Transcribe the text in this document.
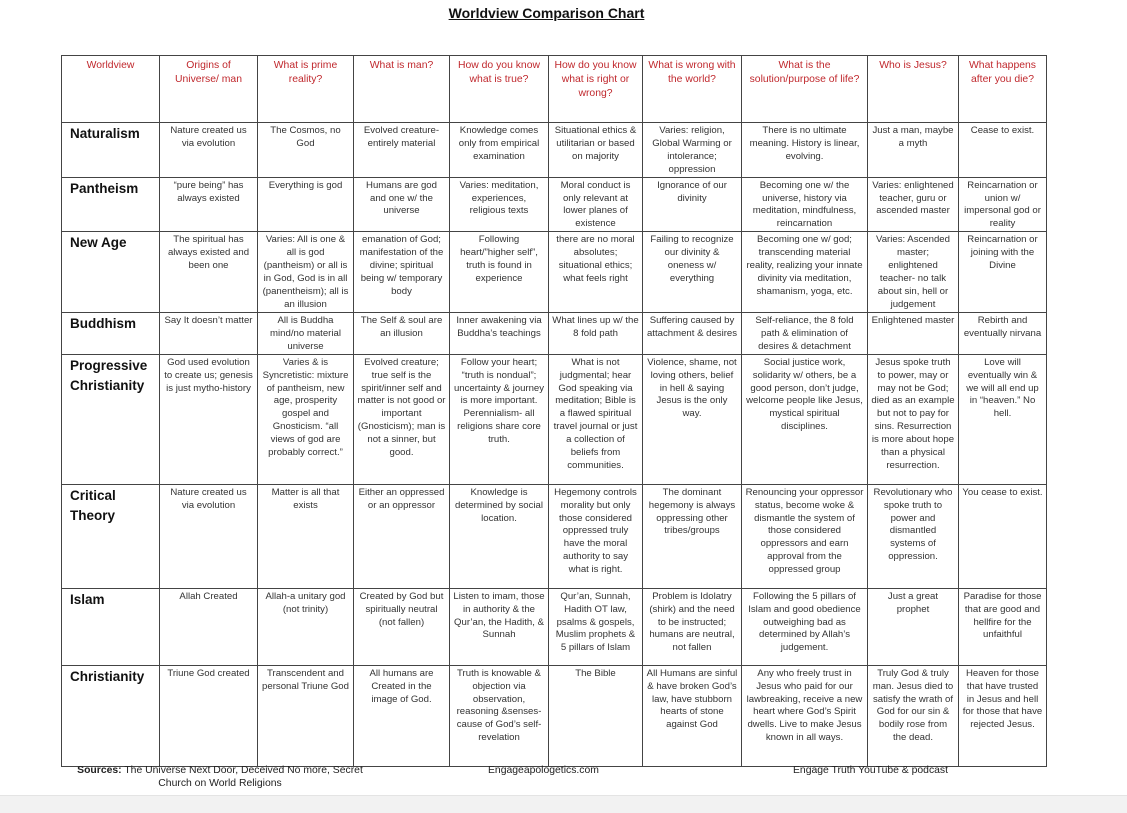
Worldview Comparison Chart
Worldview	Origins of Universe/ man	What is prime reality?	What is man?	How do you know what is true?	How do you know what is right or wrong?	What is wrong with the world?	What is the solution/purpose of life?	Who is Jesus?	What happens after you die?
Naturalism	Nature created us via evolution	The Cosmos, no God	Evolved creature-entirely material	Knowledge comes only from empirical examination	Situational ethics & utilitarian or based on majority	Varies: religion, Global Warming or intolerance; oppression	There is no ultimate meaning. History is linear, evolving.	Just a man, maybe a myth	Cease to exist.
Pantheism	“pure being” has always existed	Everything is god	Humans are god and one w/ the universe	Varies: meditation, experiences, religious texts	Moral conduct is only relevant at lower planes of existence	Ignorance of our divinity	Becoming one w/ the universe, history via meditation, mindfulness, reincarnation	Varies: enlightened teacher, guru or ascended master	Reincarnation or union w/ impersonal god or reality
New Age	The spiritual has always existed and been one	Varies: All is one & all is god (pantheism) or all is in God, God is in all (panentheism); all is an illusion	emanation of God; manifestation of the divine; spiritual being w/ temporary body	Following heart/”higher self”, truth is found in experience	there are no moral absolutes; situational ethics; what feels right	Failing to recognize our divinity & oneness w/ everything	Becoming one w/ god; transcending material reality, realizing your innate divinity via meditation, shamanism, yoga, etc.	Varies: Ascended master; enlightened teacher- no talk about sin, hell or judgement	Reincarnation or joining with the Divine
Buddhism	Say It doesn’t matter	All is Buddha mind/no material universe	The Self & soul are an illusion	Inner awakening via Buddha’s teachings	What lines up w/ the 8 fold path	Suffering caused by attachment & desires	Self-reliance, the 8 fold path & elimination of desires & detachment	Enlightened master	Rebirth and eventually nirvana
Progressive Christianity	God used evolution to create us; genesis is just mytho-history	Varies & is Syncretistic: mixture of pantheism, new age, prosperity gospel and Gnosticism. “all views of god are probably correct.”	Evolved creature; true self is the spirit/inner self and matter is not good or important (Gnosticism); man is not a sinner, but good.	Follow your heart; “truth is nondual”; uncertainty & journey is more important. Perennialism- all religions share core truth.	What is not judgmental; hear God speaking via meditation; Bible is a flawed spiritual travel journal or just a collection of beliefs from communities.	Violence, shame, not loving others, belief in hell & saying Jesus is the only way.	Social justice work, solidarity w/ others, be a good person, don’t judge, welcome people like Jesus, mystical spiritual disciplines.	Jesus spoke truth to power, may or may not be God; died as an example but not to pay for sins. Resurrection is more about hope than a physical resurrection.	Love will eventually win & we will all end up in “heaven.” No hell.
Critical Theory	Nature created us via evolution	Matter is all that exists	Either an oppressed or an oppressor	Knowledge is determined by social location.	Hegemony controls morality but only those considered oppressed truly have the moral authority to say what is right.	The dominant hegemony is always oppressing other tribes/groups	Renouncing your oppressor status, become woke & dismantle the system of those considered oppressors and earn approval from the oppressed group	Revolutionary who spoke truth to power and dismantled systems of oppression.	You cease to exist.
Islam	Allah Created	Allah-a unitary god (not trinity)	Created by God but spiritually neutral (not fallen)	Listen to imam, those in authority & the Qur’an, the Hadith, & Sunnah	Qur’an, Sunnah, Hadith OT law, psalms & gospels, Muslim prophets & 5 pillars of Islam	Problem is Idolatry (shirk) and the need to be instructed; humans are neutral, not fallen	Following the 5 pillars of Islam and good obedience outweighing bad as determined by Allah’s judgement.	Just a great prophet	Paradise for those that are good and hellfire for the unfaithful
Christianity	Triune God created	Transcendent and personal Triune God	All humans are Created in the image of God.	Truth is knowable & objection via observation, reasoning &senses- cause of God’s self-revelation	The Bible	All Humans are sinful & have broken God’s law, have stubborn hearts of stone against God	Any who freely trust in Jesus who paid for our lawbreaking, receive a new heart where God’s Spirit dwells. Live to make Jesus known in all ways.	Truly God & truly man. Jesus died to satisfy the wrath of God for our sin & bodily rose from the dead.	Heaven for those that have trusted in Jesus and hell for those that have rejected Jesus.
Sources: The Universe Next Door, Deceived No more, Secret Church on World Religions
Engageapologetics.com	Engage Truth YouTube & podcast
